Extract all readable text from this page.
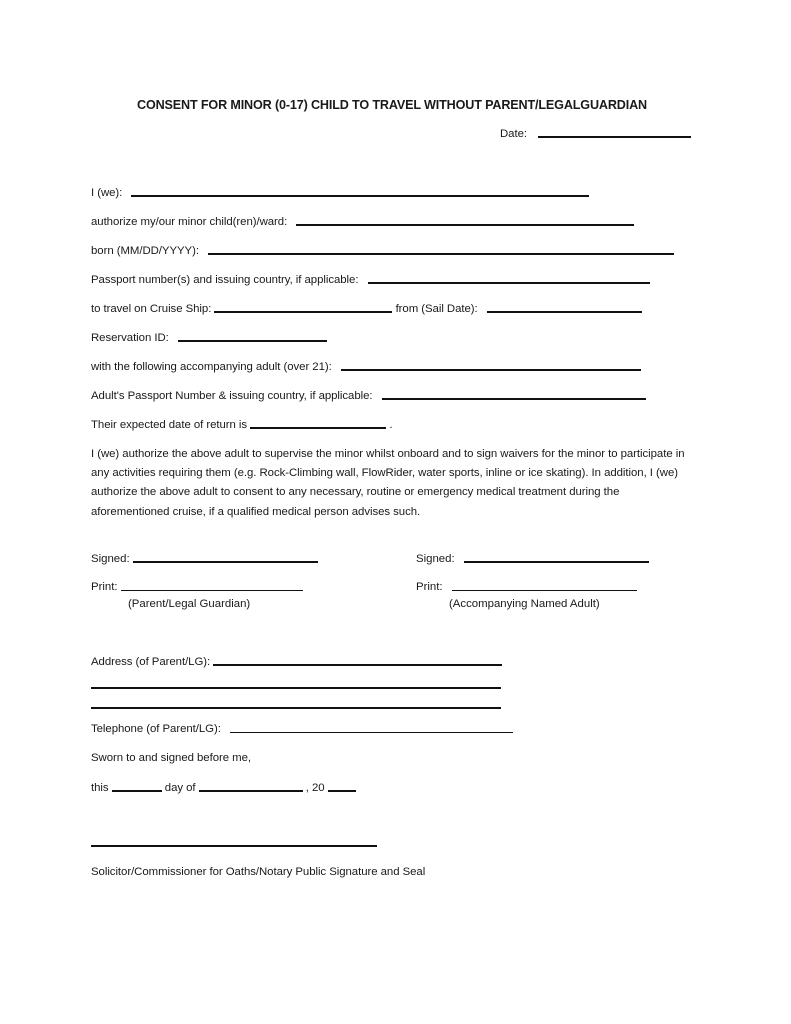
CONSENT FOR MINOR (0-17) CHILD TO TRAVEL WITHOUT PARENT/LEGALGUARDIAN
Date:
I (we):
authorize my/our minor child(ren)/ward:
born (MM/DD/YYYY):
Passport number(s) and issuing country, if applicable:
to travel on Cruise Ship:	from (Sail Date):
Reservation ID:
with the following accompanying adult (over 21):
Adult's Passport Number & issuing country, if applicable:
Their expected date of return is	.
I (we) authorize the above adult to supervise the minor whilst onboard and to sign waivers for the minor to participate in any activities requiring them (e.g. Rock-Climbing wall, FlowRider, water sports, inline or ice skating). In addition, I (we) authorize the above adult to consent to any necessary, routine or emergency medical treatment during the aforementioned cruise, if a qualified medical person advises such.
Signed:
Print:
(Parent/Legal Guardian)
Signed:
Print:
(Accompanying Named Adult)
Address (of Parent/LG):
Telephone (of Parent/LG):
Sworn to and signed before me,
this	day of	, 20
Solicitor/Commissioner for Oaths/Notary Public Signature and Seal
